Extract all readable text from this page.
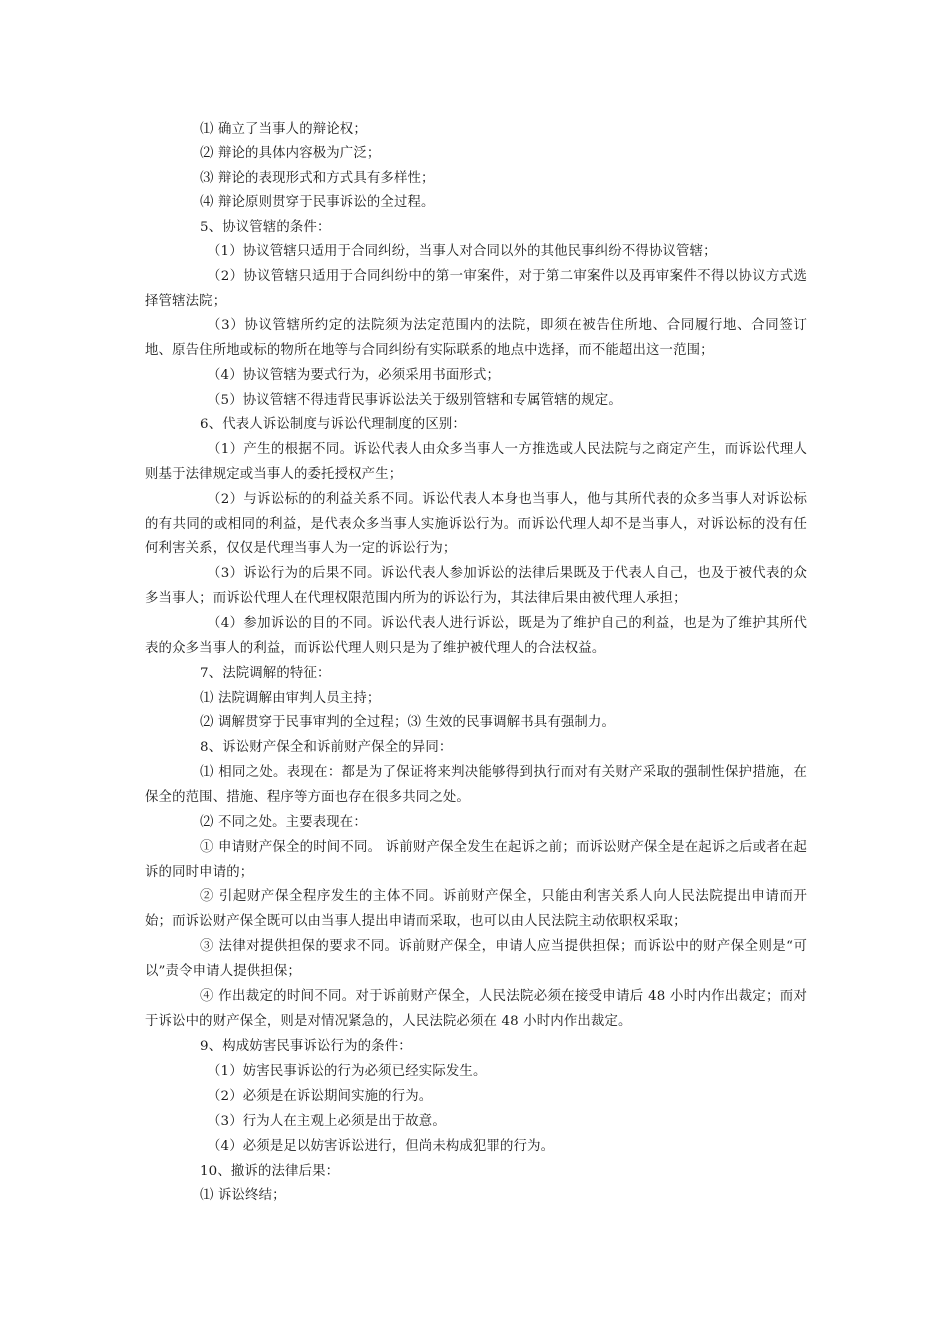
⑴ 确立了当事人的辩论权；

⑵ 辩论的具体内容极为广泛；

⑶ 辩论的表现形式和方式具有多样性；

⑷ 辩论原则贯穿于民事诉讼的全过程。

5、协议管辖的条件：

（1）协议管辖只适用于合同纠纷，当事人对合同以外的其他民事纠纷不得协议管辖；

（2）协议管辖只适用于合同纠纷中的第一审案件，对于第二审案件以及再审案件不得以协议方式选择管辖法院；

（3）协议管辖所约定的法院须为法定范围内的法院，即须在被告住所地、合同履行地、合同签订地、原告住所地或标的物所在地等与合同纠纷有实际联系的地点中选择，而不能超出这一范围；

（4）协议管辖为要式行为，必须采用书面形式；

（5）协议管辖不得违背民事诉讼法关于级别管辖和专属管辖的规定。

6、代表人诉讼制度与诉讼代理制度的区别：

（1）产生的根据不同。诉讼代表人由众多当事人一方推选或人民法院与之商定产生，而诉讼代理人则基于法律规定或当事人的委托授权产生；

（2）与诉讼标的的利益关系不同。诉讼代表人本身也当事人，他与其所代表的众多当事人对诉讼标的有共同的或相同的利益，是代表众多当事人实施诉讼行为。而诉讼代理人却不是当事人，对诉讼标的没有任何利害关系，仅仅是代理当事人为一定的诉讼行为；

（3）诉讼行为的后果不同。诉讼代表人参加诉讼的法律后果既及于代表人自己，也及于被代表的众多当事人；而诉讼代理人在代理权限范围内所为的诉讼行为，其法律后果由被代理人承担；

（4）参加诉讼的目的不同。诉讼代表人进行诉讼，既是为了维护自己的利益，也是为了维护其所代表的众多当事人的利益，而诉讼代理人则只是为了维护被代理人的合法权益。

7、法院调解的特征：

⑴ 法院调解由审判人员主持；

⑵ 调解贯穿于民事审判的全过程；⑶ 生效的民事调解书具有强制力。

8、诉讼财产保全和诉前财产保全的异同：

⑴ 相同之处。表现在：都是为了保证将来判决能够得到执行而对有关财产采取的强制性保护措施，在保全的范围、措施、程序等方面也存在很多共同之处。

⑵ 不同之处。主要表现在：

① 申请财产保全的时间不同。 诉前财产保全发生在起诉之前；而诉讼财产保全是在起诉之后或者在起诉的同时申请的；

② 引起财产保全程序发生的主体不同。诉前财产保全，只能由利害关系人向人民法院提出申请而开始；而诉讼财产保全既可以由当事人提出申请而采取，也可以由人民法院主动依职权采取；

③ 法律对提供担保的要求不同。诉前财产保全，申请人应当提供担保；而诉讼中的财产保全则是“可以”责令申请人提供担保；

④ 作出裁定的时间不同。对于诉前财产保全，人民法院必须在接受申请后 48 小时内作出裁定；而对于诉讼中的财产保全，则是对情况紧急的，人民法院必须在 48 小时内作出裁定。

9、构成妨害民事诉讼行为的条件：

（1）妨害民事诉讼的行为必须已经实际发生。

（2）必须是在诉讼期间实施的行为。

（3）行为人在主观上必须是出于故意。

（4）必须是足以妨害诉讼进行，但尚未构成犯罪的行为。

10、撤诉的法律后果：

⑴ 诉讼终结；
